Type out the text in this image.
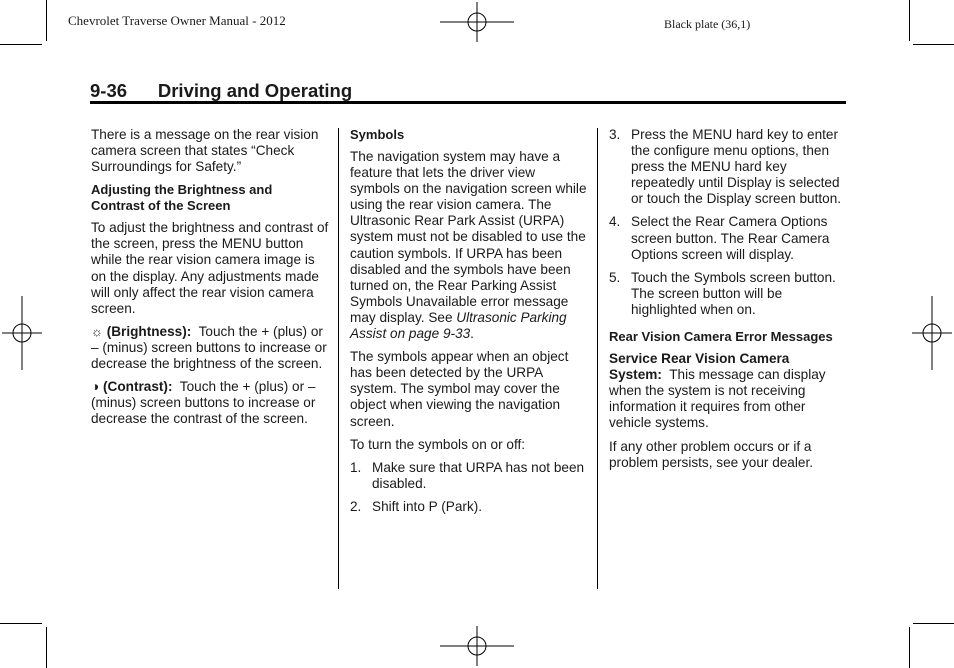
Chevrolet Traverse Owner Manual - 2012	Black plate (36,1)
9-36 Driving and Operating

There is a message on the rear vision camera screen that states “Check Surroundings for Safety.”

Adjusting the Brightness and Contrast of the Screen

To adjust the brightness and contrast of the screen, press the MENU button while the rear vision camera image is on the display. Any adjustments made will only affect the rear vision camera screen.

☼ (Brightness): Touch the + (plus) or – (minus) screen buttons to increase or decrease the brightness of the screen.

◑ (Contrast): Touch the + (plus) or – (minus) screen buttons to increase or decrease the contrast of the screen.

Symbols

The navigation system may have a feature that lets the driver view symbols on the navigation screen while using the rear vision camera. The Ultrasonic Rear Park Assist (URPA) system must not be disabled to use the caution symbols. If URPA has been disabled and the symbols have been turned on, the Rear Parking Assist Symbols Unavailable error message may display. See Ultrasonic Parking Assist on page 9-33.

The symbols appear when an object has been detected by the URPA system. The symbol may cover the object when viewing the navigation screen.

To turn the symbols on or off:

1. Make sure that URPA has not been disabled.
2. Shift into P (Park).
3. Press the MENU hard key to enter the configure menu options, then press the MENU hard key repeatedly until Display is selected or touch the Display screen button.
4. Select the Rear Camera Options screen button. The Rear Camera Options screen will display.
5. Touch the Symbols screen button. The screen button will be highlighted when on.
Rear Vision Camera Error Messages

Service Rear Vision Camera System: This message can display when the system is not receiving information it requires from other vehicle systems.

If any other problem occurs or if a problem persists, see your dealer.
